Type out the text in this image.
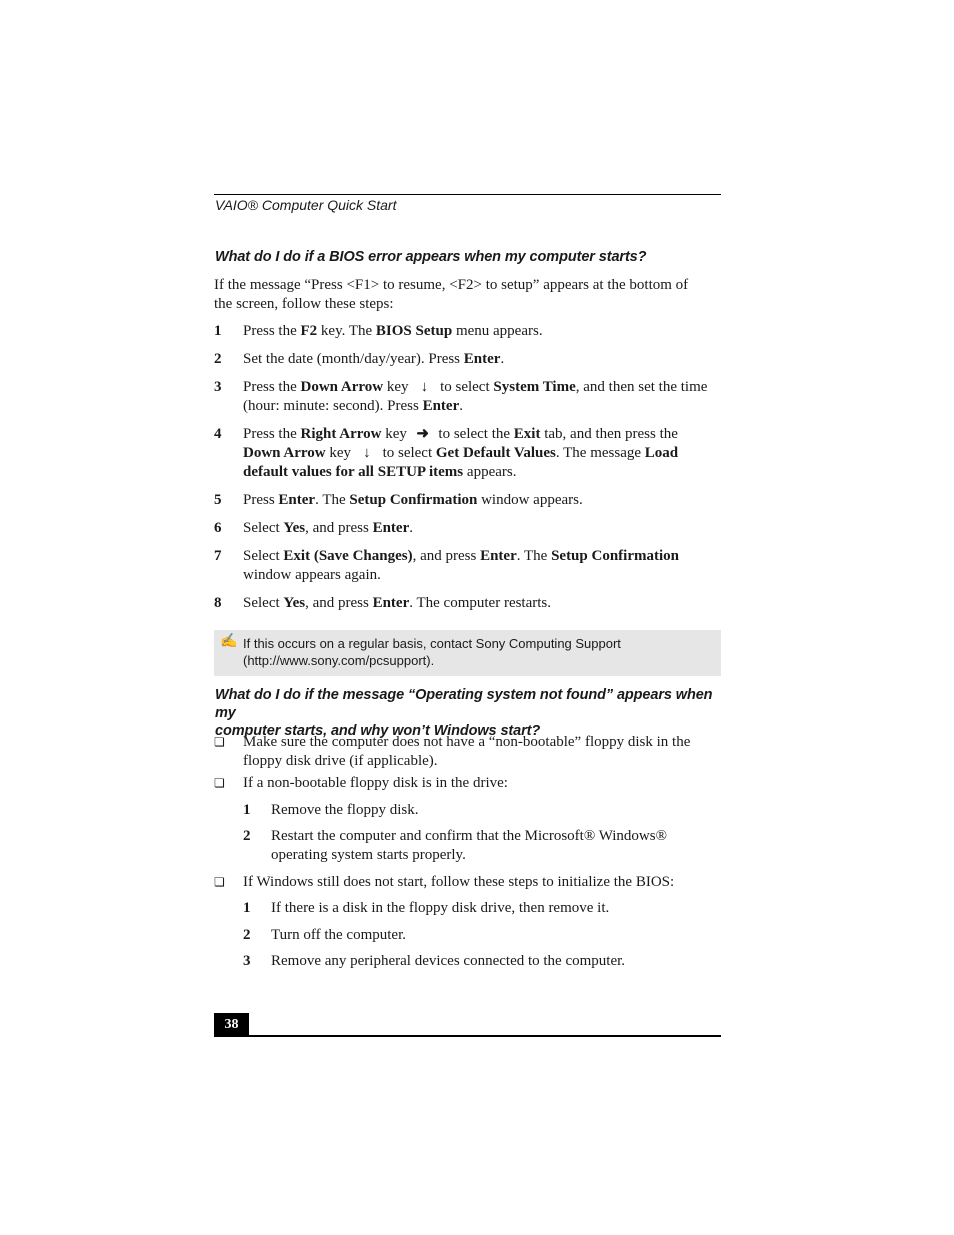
VAIO® Computer Quick Start
What do I do if a BIOS error appears when my computer starts?
If the message “Press <F1> to resume, <F2> to setup” appears at the bottom of
the screen, follow these steps:
1 Press the F2 key. The BIOS Setup menu appears.
2 Set the date (month/day/year). Press Enter.
3 Press the Down Arrow key ↓ to select System Time, and then set the time
(hour: minute: second). Press Enter.
4 Press the Right Arrow key ➜ to select the Exit tab, and then press the
Down Arrow key ↓ to select Get Default Values. The message Load
default values for all SETUP items appears.
5 Press Enter. The Setup Confirmation window appears.
6 Select Yes, and press Enter.
7 Select Exit (Save Changes), and press Enter. The Setup Confirmation
window appears again.
8 Select Yes, and press Enter. The computer restarts.
✍ If this occurs on a regular basis, contact Sony Computing Support
(http://www.sony.com/pcsupport).
What do I do if the message “Operating system not found” appears when my
computer starts, and why won’t Windows start?
❏ Make sure the computer does not have a “non-bootable” floppy disk in the
floppy disk drive (if applicable).
❏ If a non-bootable floppy disk is in the drive:
1 Remove the floppy disk.
2 Restart the computer and confirm that the Microsoft® Windows®
operating system starts properly.
❏ If Windows still does not start, follow these steps to initialize the BIOS:
1 If there is a disk in the floppy disk drive, then remove it.
2 Turn off the computer.
3 Remove any peripheral devices connected to the computer.
38
